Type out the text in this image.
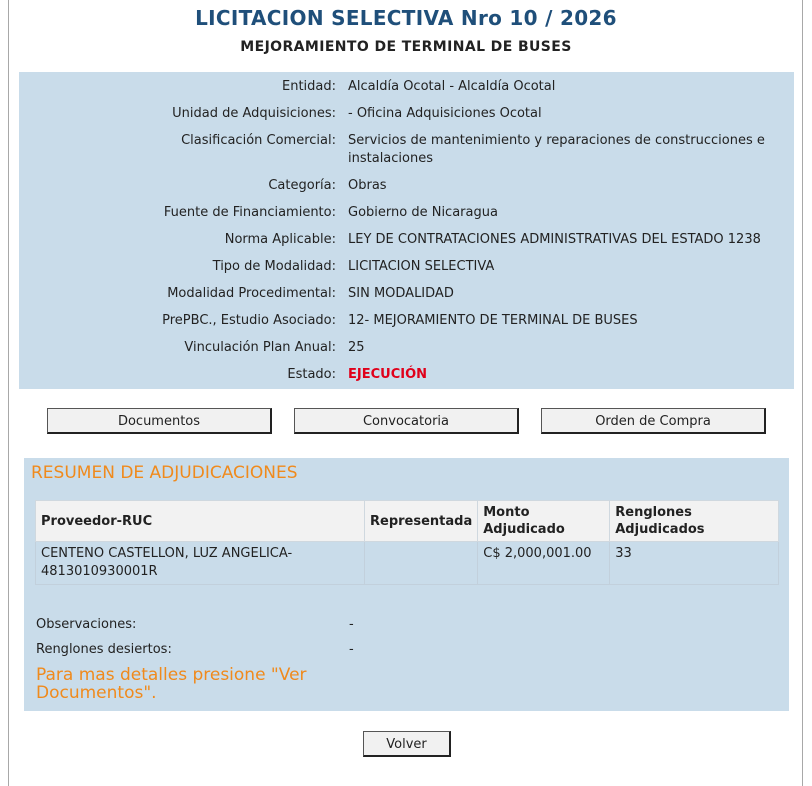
LICITACION SELECTIVA Nro 10 / 2026
MEJORAMIENTO DE TERMINAL DE BUSES
Entidad: Alcaldía Ocotal - Alcaldía Ocotal
Unidad de Adquisiciones: - Oficina Adquisiciones Ocotal
Clasificación Comercial: Servicios de mantenimiento y reparaciones de construcciones e instalaciones
Categoría: Obras
Fuente de Financiamiento: Gobierno de Nicaragua
Norma Aplicable: LEY DE CONTRATACIONES ADMINISTRATIVAS DEL ESTADO 1238
Tipo de Modalidad: LICITACION SELECTIVA
Modalidad Procedimental: SIN MODALIDAD
PrePBC., Estudio Asociado: 12- MEJORAMIENTO DE TERMINAL DE BUSES
Vinculación Plan Anual: 25
Estado: EJECUCIÓN
Documentos	Convocatoria	Orden de Compra
RESUMEN DE ADJUDICACIONES
Proveedor-RUC	Representada	Monto Adjudicado	Renglones Adjudicados
CENTENO CASTELLON, LUZ ANGELICA-4813010930001R		C$ 2,000,001.00	33
Observaciones:	-
Renglones desiertos:	-
Para mas detalles presione "Ver Documentos".
Volver
